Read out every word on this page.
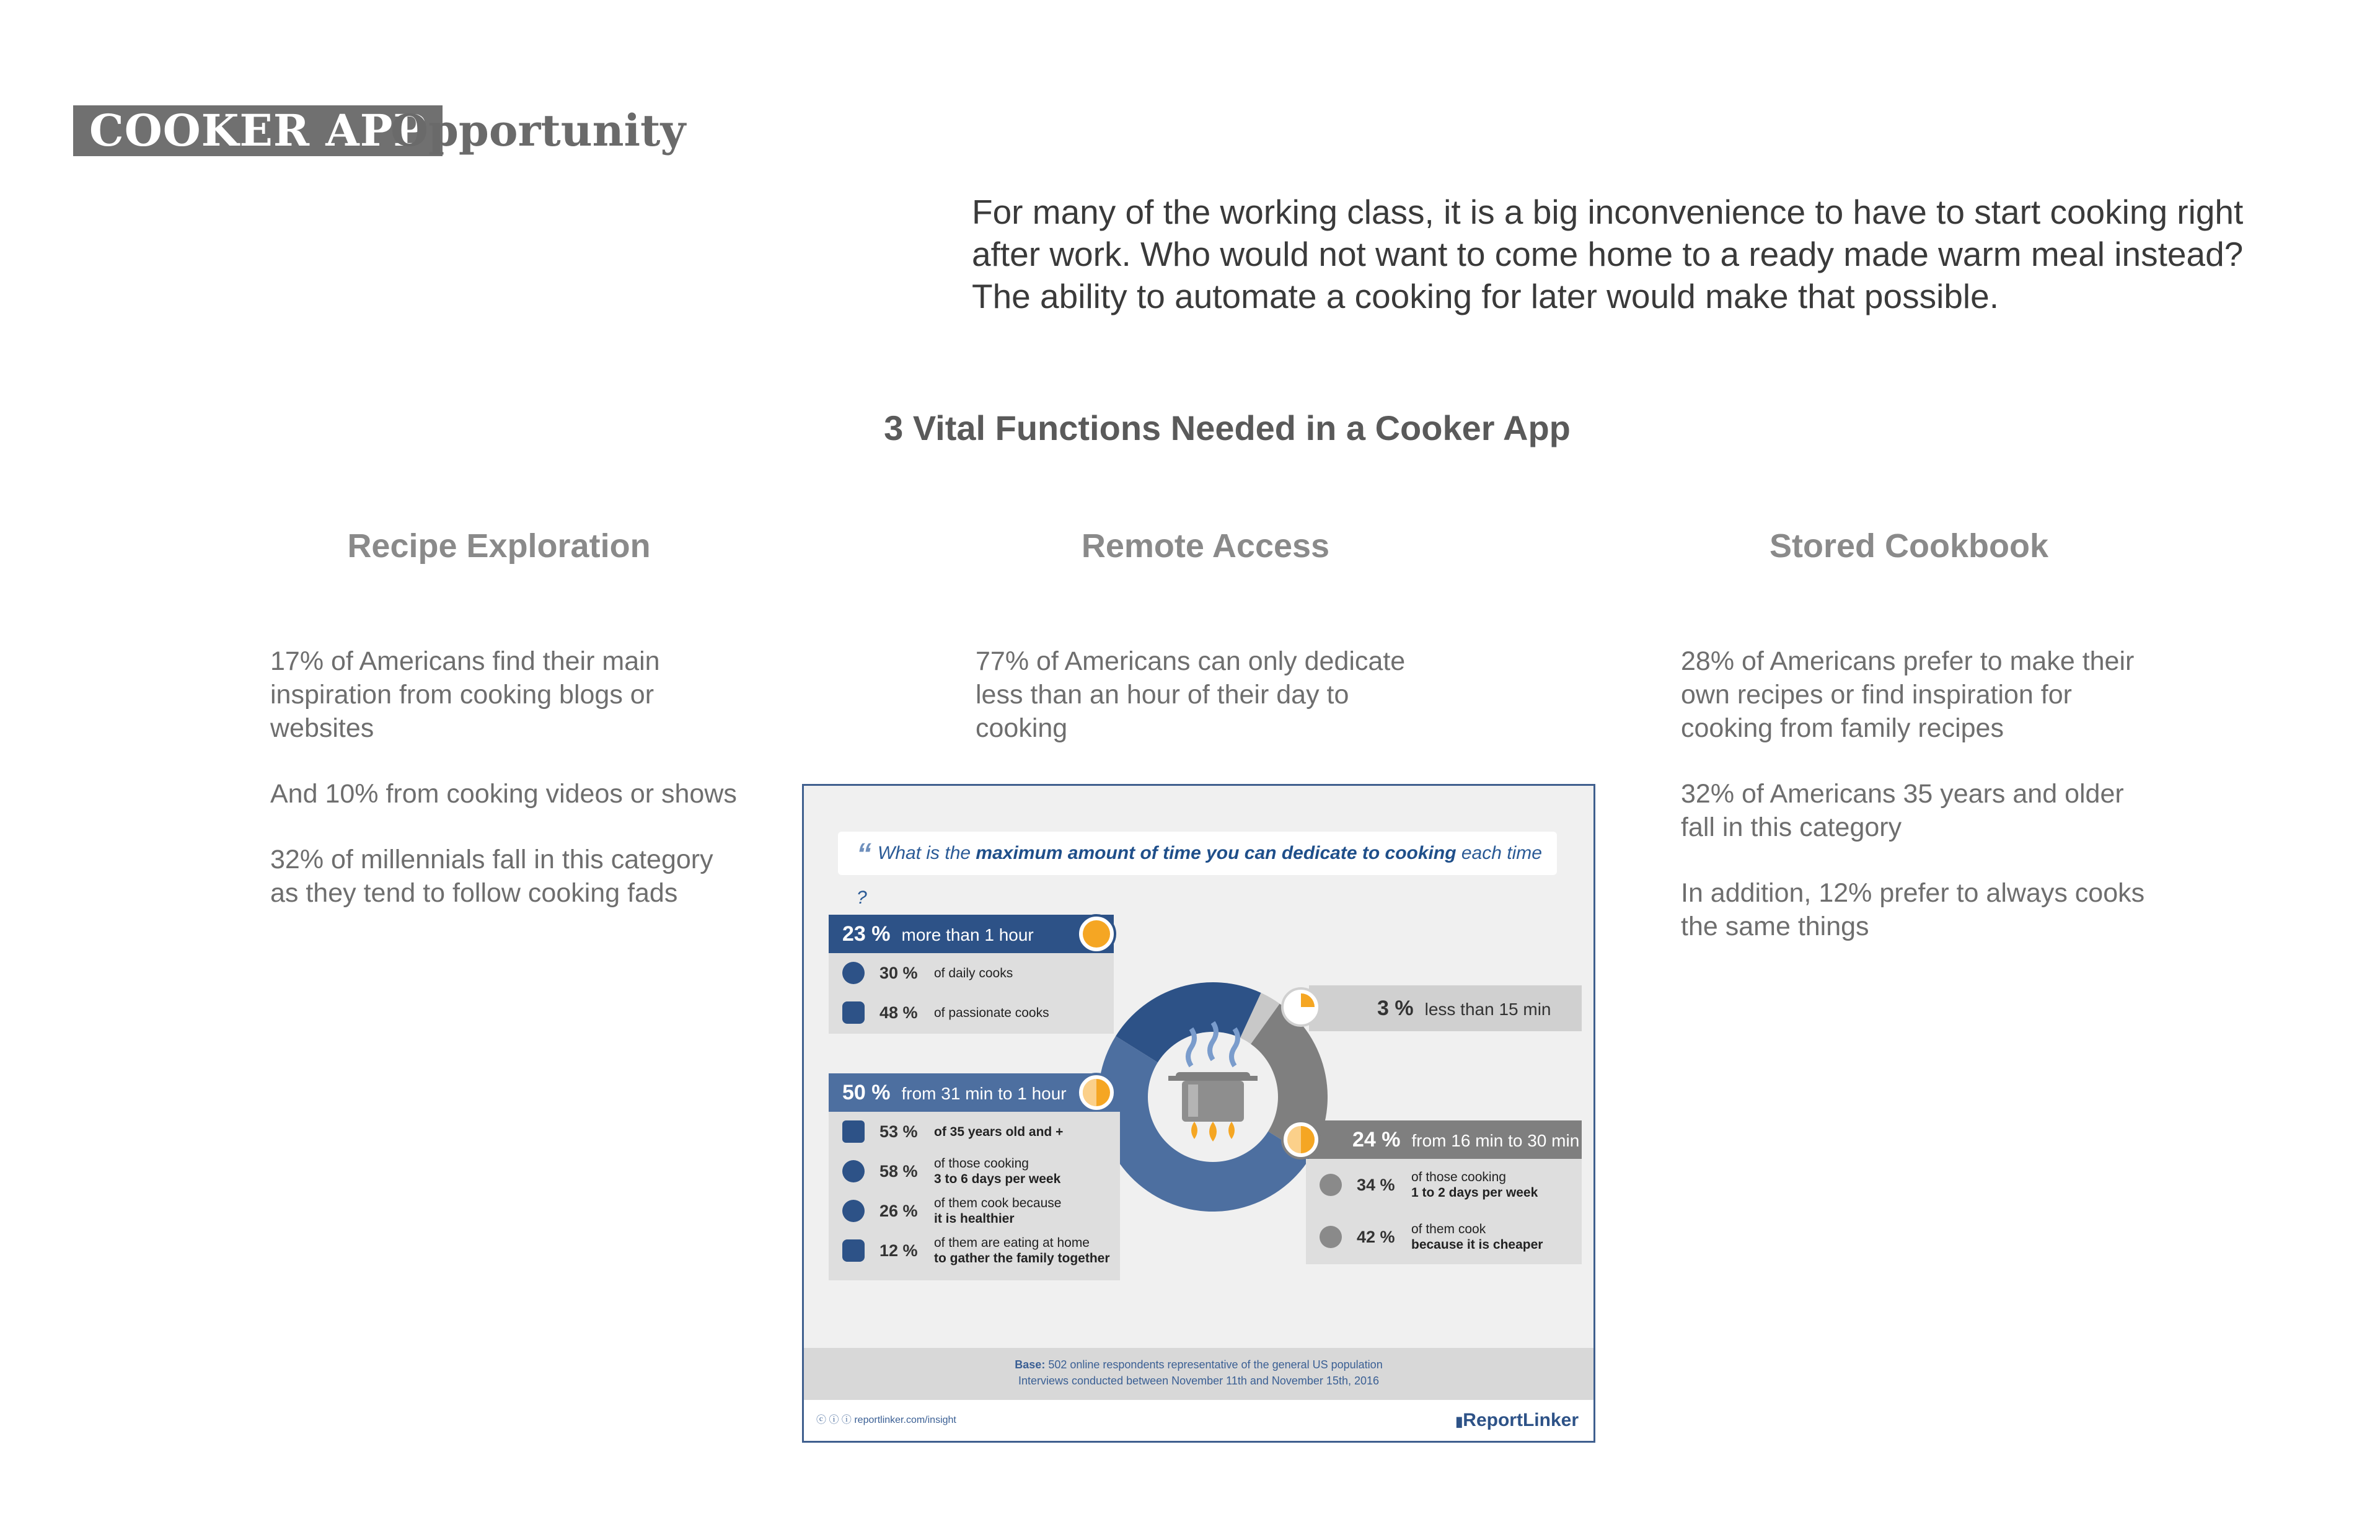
COOKER APP
Opportunity
For many of the working class, it is a big inconvenience to have to start cooking right after work. Who would not want to come home to a ready made warm meal instead? The ability to automate a cooking for later would make that possible.
3 Vital Functions Needed in a Cooker App
Recipe Exploration	Remote Access	Stored Cookbook

17% of Americans find their main inspiration from cooking blogs or websites

And 10% from cooking videos or shows

32% of millennials fall in this category as they tend to follow cooking fads

77% of Americans can only dedicate less than an hour of their day to cooking

28% of Americans prefer to make their own recipes or find inspiration for cooking from family recipes

32% of Americans 35 years and older fall in this category

In addition, 12% prefer to always cooks the same things

“ What is the maximum amount of time you can dedicate to cooking each time ?
23 % more than 1 hour
30 % of daily cooks
48 % of passionate cooks
50 % from 31 min to 1 hour
53 % of 35 years old and +
58 % of those cooking
3 to 6 days per week
26 % of them cook because
it is healthier
12 % of them are eating at home
to gather the family together
3 % less than 15 min
24 % from 16 min to 30 min
34 % of those cooking
1 to 2 days per week
42 % of them cook
because it is cheaper
Base: 502 online respondents representative of the general US population
Interviews conducted between November 11th and November 15th, 2016
ⓒ ⓘ ⓘ reportlinker.com/insight	▮ReportLinker
